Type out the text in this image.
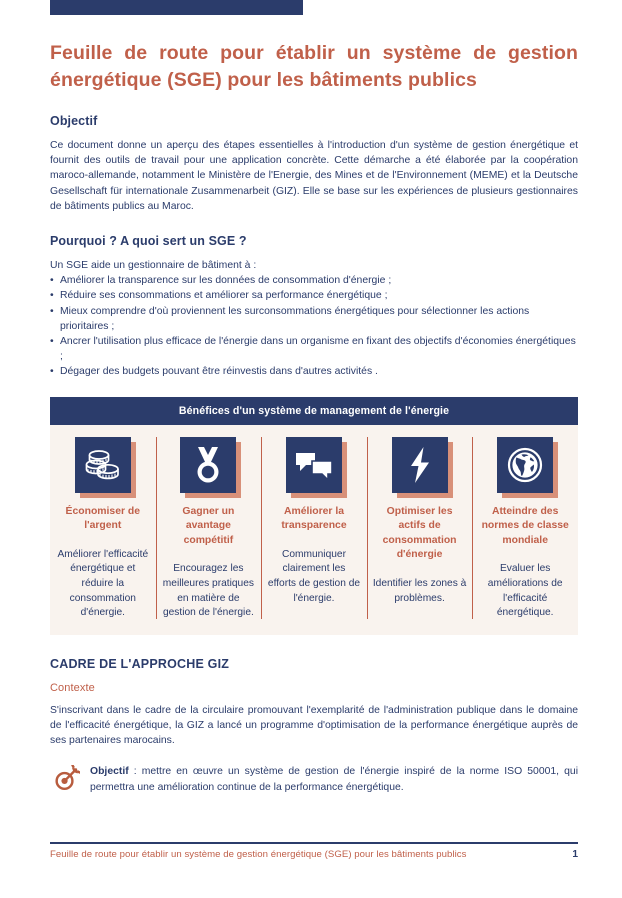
Feuille de route pour établir un système de gestion
énergétique (SGE) pour les bâtiments publics
Objectif

Ce document donne un aperçu des étapes essentielles à l'introduction d'un système de gestion énergétique et fournit des outils de travail pour une application concrète. Cette démarche a été élaborée par la coopération maroco-allemande, notamment le Ministère de l'Energie, des Mines et de l'Environnement (MEME) et la Deutsche Gesellschaft für internationale Zusammenarbeit (GIZ). Elle se base sur les expériences de plusieurs gestionnaires de bâtiments publics au Maroc.

Pourquoi ? A quoi sert un SGE ?

Un SGE aide un gestionnaire de bâtiment à :

• Améliorer la transparence sur les données de consommation d'énergie ;
• Réduire ses consommations et améliorer sa performance énergétique ;
• Mieux comprendre d'où proviennent les surconsommations énergétiques pour sélectionner les actions prioritaires ;
• Ancrer l'utilisation plus efficace de l'énergie dans un organisme en fixant des objectifs d'économies énergétiques ;
• Dégager des budgets pouvant être réinvestis dans d'autres activités .
Bénéfices d'un système de management de l'énergie
Économiser de l'argent
Améliorer l'efficacité énergétique et réduire la consommation d'énergie.
Gagner un avantage compétitif
Encouragez les meilleures pratiques en matière de gestion de l'énergie.
Améliorer la transparence
Communiquer clairement les efforts de gestion de l'énergie.
Optimiser les actifs de consommation d'énergie
Identifier les zones à problèmes.
Atteindre des normes de classe mondiale
Evaluer les améliorations de l'efficacité énergétique.
CADRE DE L'APPROCHE GIZ
Contexte

S'inscrivant dans le cadre de la circulaire promouvant l'exemplarité de l'administration publique dans le domaine de l'efficacité énergétique, la GIZ a lancé un programme d'optimisation de la performance énergétique auprès de ses partenaires marocains.

Objectif : mettre en œuvre un système de gestion de l'énergie inspiré de la norme ISO 50001, qui permettra une amélioration continue de la performance énergétique.
Feuille de route pour établir un système de gestion énergétique (SGE) pour les bâtiments publics	1
